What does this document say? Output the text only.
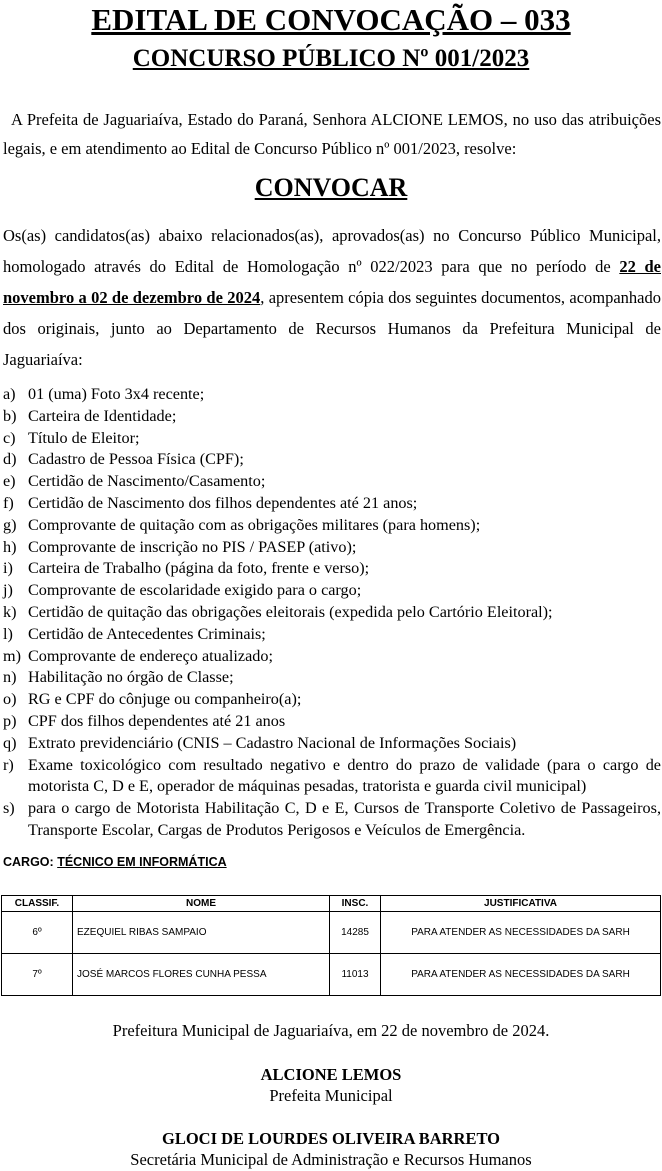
EDITAL DE CONVOCAÇÃO – 033
CONCURSO PÚBLICO Nº 001/2023
A Prefeita de Jaguariaíva, Estado do Paraná, Senhora ALCIONE LEMOS, no uso das atribuições legais, e em atendimento ao Edital de Concurso Público nº 001/2023, resolve:
CONVOCAR
Os(as) candidatos(as) abaixo relacionados(as), aprovados(as) no Concurso Público Municipal, homologado através do Edital de Homologação nº 022/2023 para que no período de 22 de novembro a 02 de dezembro de 2024, apresentem cópia dos seguintes documentos, acompanhado dos originais, junto ao Departamento de Recursos Humanos da Prefeitura Municipal de Jaguariaíva:
a) 01 (uma) Foto 3x4 recente;
b) Carteira de Identidade;
c) Título de Eleitor;
d) Cadastro de Pessoa Física (CPF);
e) Certidão de Nascimento/Casamento;
f) Certidão de Nascimento dos filhos dependentes até 21 anos;
g) Comprovante de quitação com as obrigações militares (para homens);
h) Comprovante de inscrição no PIS / PASEP (ativo);
i) Carteira de Trabalho (página da foto, frente e verso);
j) Comprovante de escolaridade exigido para o cargo;
k) Certidão de quitação das obrigações eleitorais (expedida pelo Cartório Eleitoral);
l) Certidão de Antecedentes Criminais;
m) Comprovante de endereço atualizado;
n) Habilitação no órgão de Classe;
o) RG e CPF do cônjuge ou companheiro(a);
p) CPF dos filhos dependentes até 21 anos
q) Extrato previdenciário (CNIS – Cadastro Nacional de Informações Sociais)
r) Exame toxicológico com resultado negativo e dentro do prazo de validade (para o cargo de motorista C, D e E, operador de máquinas pesadas, tratorista e guarda civil municipal)
s) para o cargo de Motorista Habilitação C, D e E, Cursos de Transporte Coletivo de Passageiros, Transporte Escolar, Cargas de Produtos Perigosos e Veículos de Emergência.
CARGO: TÉCNICO EM INFORMÁTICA
CLASSIF.	NOME	INSC.	JUSTIFICATIVA
6º	EZEQUIEL RIBAS SAMPAIO	14285	PARA ATENDER AS NECESSIDADES DA SARH
7º	JOSÉ MARCOS FLORES CUNHA PESSA	11013	PARA ATENDER AS NECESSIDADES DA SARH
Prefeitura Municipal de Jaguariaíva, em 22 de novembro de 2024.
ALCIONE LEMOS
Prefeita Municipal
GLOCI DE LOURDES OLIVEIRA BARRETO
Secretária Municipal de Administração e Recursos Humanos
